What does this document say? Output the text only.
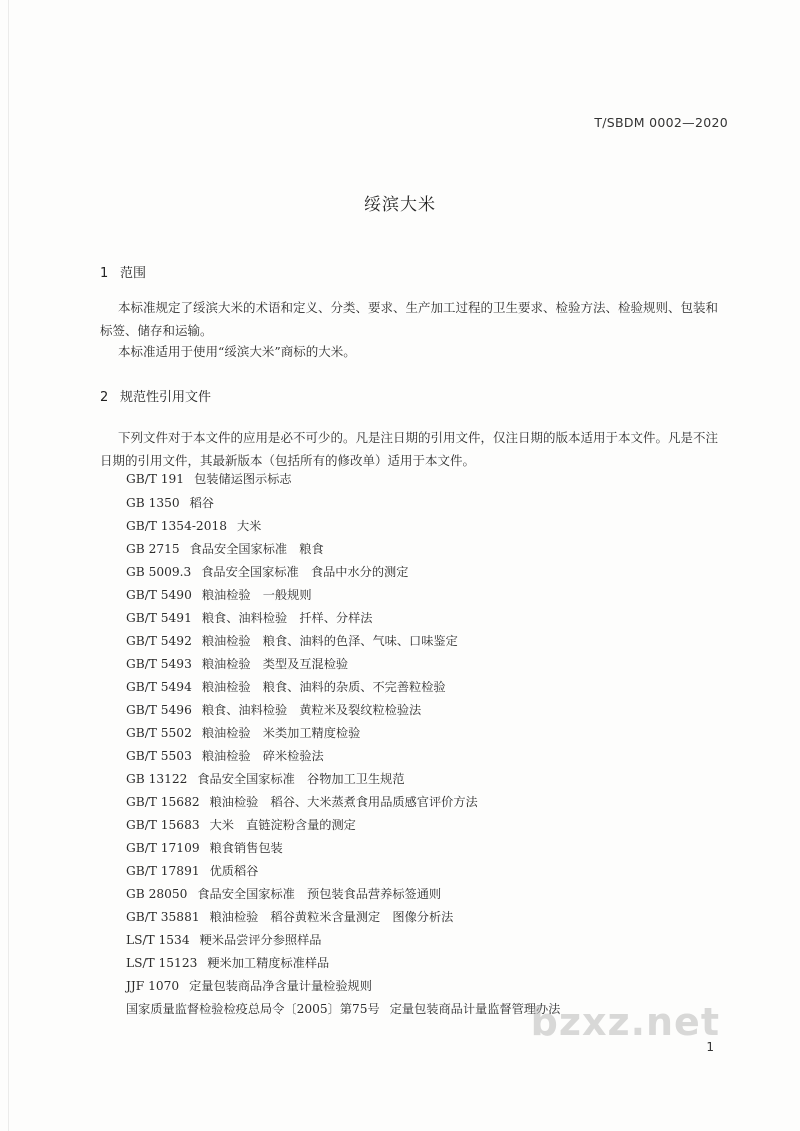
T/SBDM 0002—2020
绥滨大米
1 范围

本标准规定了绥滨大米的术语和定义、分类、要求、生产加工过程的卫生要求、检验方法、检验规则、包装和标签、储存和运输。

本标准适用于使用“绥滨大米”商标的大米。

2 规范性引用文件

下列文件对于本文件的应用是必不可少的。凡是注日期的引用文件，仅注日期的版本适用于本文件。凡是不注日期的引用文件，其最新版本（包括所有的修改单）适用于本文件。

GB/T 191 包装储运图示标志
GB 1350 稻谷
GB/T 1354-2018 大米
GB 2715 食品安全国家标准　粮食
GB 5009.3 食品安全国家标准　食品中水分的测定
GB/T 5490 粮油检验　一般规则
GB/T 5491 粮食、油料检验　扦样、分样法
GB/T 5492 粮油检验　粮食、油料的色泽、气味、口味鉴定
GB/T 5493 粮油检验　类型及互混检验
GB/T 5494 粮油检验　粮食、油料的杂质、不完善粒检验
GB/T 5496 粮食、油料检验　黄粒米及裂纹粒检验法
GB/T 5502 粮油检验　米类加工精度检验
GB/T 5503 粮油检验　碎米检验法
GB 13122 食品安全国家标准　谷物加工卫生规范
GB/T 15682 粮油检验　稻谷、大米蒸煮食用品质感官评价方法
GB/T 15683 大米　直链淀粉含量的测定
GB/T 17109 粮食销售包装
GB/T 17891 优质稻谷
GB 28050 食品安全国家标准　预包装食品营养标签通则
GB/T 35881 粮油检验　稻谷黄粒米含量测定　图像分析法
LS/T 1534 粳米品尝评分参照样品
LS/T 15123 粳米加工精度标准样品
JJF 1070 定量包装商品净含量计量检验规则
国家质量监督检验检疫总局令〔2005〕第75号 定量包装商品计量监督管理办法
bzxz.net
1
